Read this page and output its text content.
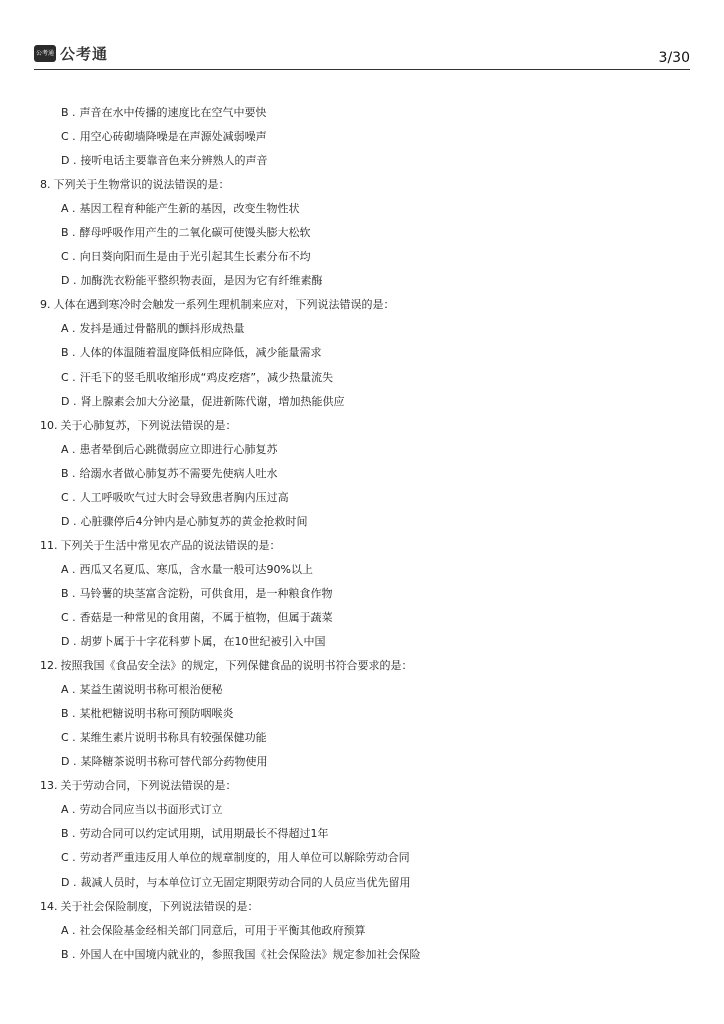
公考通 公考通	3/30
B . 声音在水中传播的速度比在空气中要快
C . 用空心砖砌墙降噪是在声源处减弱噪声
D . 接听电话主要靠音色来分辨熟人的声音
8. 下列关于生物常识的说法错误的是：
A . 基因工程育种能产生新的基因，改变生物性状
B . 酵母呼吸作用产生的二氧化碳可使馒头膨大松软
C . 向日葵向阳而生是由于光引起其生长素分布不均
D . 加酶洗衣粉能平整织物表面，是因为它有纤维素酶
9. 人体在遇到寒冷时会触发一系列生理机制来应对，下列说法错误的是：
A . 发抖是通过骨骼肌的颤抖形成热量
B . 人体的体温随着温度降低相应降低，减少能量需求
C . 汗毛下的竖毛肌收缩形成“鸡皮疙瘩”，减少热量流失
D . 肾上腺素会加大分泌量，促进新陈代谢，增加热能供应
10. 关于心肺复苏，下列说法错误的是：
A . 患者晕倒后心跳微弱应立即进行心肺复苏
B . 给溺水者做心肺复苏不需要先使病人吐水
C . 人工呼吸吹气过大时会导致患者胸内压过高
D . 心脏骤停后4分钟内是心肺复苏的黄金抢救时间
11. 下列关于生活中常见农产品的说法错误的是：
A . 西瓜又名夏瓜、寒瓜，含水量一般可达90%以上
B . 马铃薯的块茎富含淀粉，可供食用，是一种粮食作物
C . 香菇是一种常见的食用菌，不属于植物，但属于蔬菜
D . 胡萝卜属于十字花科萝卜属，在10世纪被引入中国
12. 按照我国《食品安全法》的规定，下列保健食品的说明书符合要求的是：
A . 某益生菌说明书称可根治便秘
B . 某枇杷糖说明书称可预防咽喉炎
C . 某维生素片说明书称具有较强保健功能
D . 某降糖茶说明书称可替代部分药物使用
13. 关于劳动合同，下列说法错误的是：
A . 劳动合同应当以书面形式订立
B . 劳动合同可以约定试用期，试用期最长不得超过1年
C . 劳动者严重违反用人单位的规章制度的，用人单位可以解除劳动合同
D . 裁减人员时，与本单位订立无固定期限劳动合同的人员应当优先留用
14. 关于社会保险制度，下列说法错误的是：
A . 社会保险基金经相关部门同意后，可用于平衡其他政府预算
B . 外国人在中国境内就业的，参照我国《社会保险法》规定参加社会保险
